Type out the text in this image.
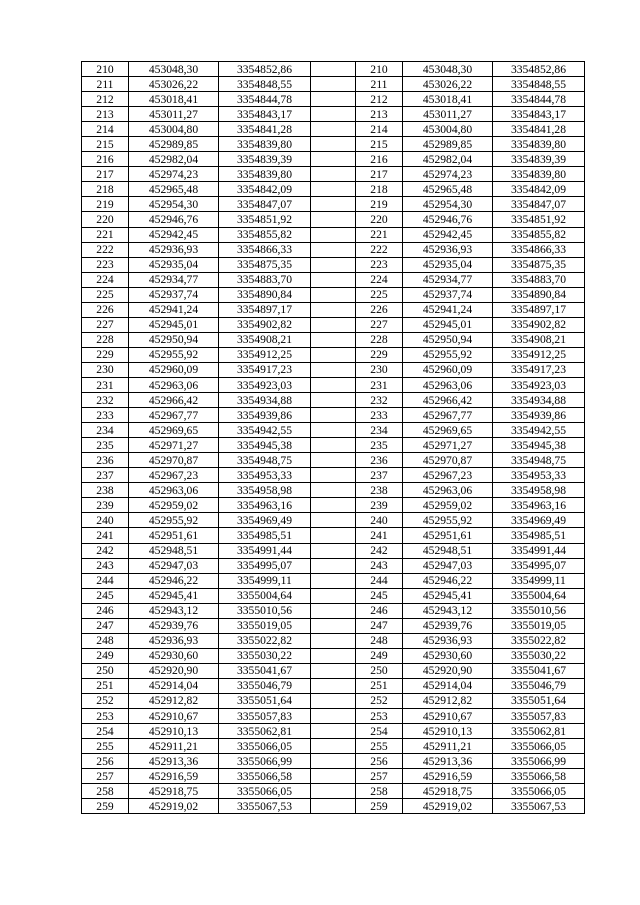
210	453048,30	3354852,86		210	453048,30	3354852,86
211	453026,22	3354848,55		211	453026,22	3354848,55
212	453018,41	3354844,78		212	453018,41	3354844,78
213	453011,27	3354843,17		213	453011,27	3354843,17
214	453004,80	3354841,28		214	453004,80	3354841,28
215	452989,85	3354839,80		215	452989,85	3354839,80
216	452982,04	3354839,39		216	452982,04	3354839,39
217	452974,23	3354839,80		217	452974,23	3354839,80
218	452965,48	3354842,09		218	452965,48	3354842,09
219	452954,30	3354847,07		219	452954,30	3354847,07
220	452946,76	3354851,92		220	452946,76	3354851,92
221	452942,45	3354855,82		221	452942,45	3354855,82
222	452936,93	3354866,33		222	452936,93	3354866,33
223	452935,04	3354875,35		223	452935,04	3354875,35
224	452934,77	3354883,70		224	452934,77	3354883,70
225	452937,74	3354890,84		225	452937,74	3354890,84
226	452941,24	3354897,17		226	452941,24	3354897,17
227	452945,01	3354902,82		227	452945,01	3354902,82
228	452950,94	3354908,21		228	452950,94	3354908,21
229	452955,92	3354912,25		229	452955,92	3354912,25
230	452960,09	3354917,23		230	452960,09	3354917,23
231	452963,06	3354923,03		231	452963,06	3354923,03
232	452966,42	3354934,88		232	452966,42	3354934,88
233	452967,77	3354939,86		233	452967,77	3354939,86
234	452969,65	3354942,55		234	452969,65	3354942,55
235	452971,27	3354945,38		235	452971,27	3354945,38
236	452970,87	3354948,75		236	452970,87	3354948,75
237	452967,23	3354953,33		237	452967,23	3354953,33
238	452963,06	3354958,98		238	452963,06	3354958,98
239	452959,02	3354963,16		239	452959,02	3354963,16
240	452955,92	3354969,49		240	452955,92	3354969,49
241	452951,61	3354985,51		241	452951,61	3354985,51
242	452948,51	3354991,44		242	452948,51	3354991,44
243	452947,03	3354995,07		243	452947,03	3354995,07
244	452946,22	3354999,11		244	452946,22	3354999,11
245	452945,41	3355004,64		245	452945,41	3355004,64
246	452943,12	3355010,56		246	452943,12	3355010,56
247	452939,76	3355019,05		247	452939,76	3355019,05
248	452936,93	3355022,82		248	452936,93	3355022,82
249	452930,60	3355030,22		249	452930,60	3355030,22
250	452920,90	3355041,67		250	452920,90	3355041,67
251	452914,04	3355046,79		251	452914,04	3355046,79
252	452912,82	3355051,64		252	452912,82	3355051,64
253	452910,67	3355057,83		253	452910,67	3355057,83
254	452910,13	3355062,81		254	452910,13	3355062,81
255	452911,21	3355066,05		255	452911,21	3355066,05
256	452913,36	3355066,99		256	452913,36	3355066,99
257	452916,59	3355066,58		257	452916,59	3355066,58
258	452918,75	3355066,05		258	452918,75	3355066,05
259	452919,02	3355067,53		259	452919,02	3355067,53
